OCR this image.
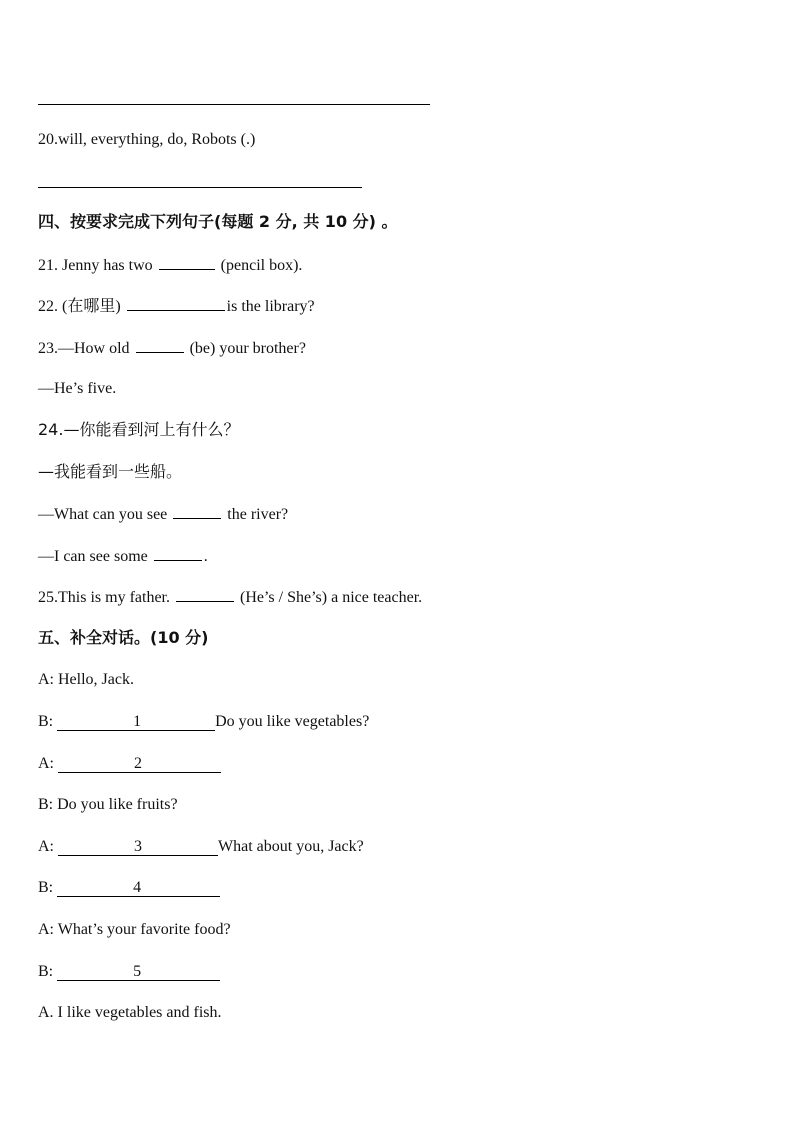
20.will, everything, do, Robots (.)
四、按要求完成下列句子(每题 2 分, 共 10 分) 。
21. Jenny has two	(pencil box).
22. (在哪里)	is the library?
23.—How old	(be) your brother?
—He’s five.
24.—你能看到河上有什么？
—我能看到一些船。
—What can you see	the river?
—I can see some	.
25.This is my father.	(He’s / She’s) a nice teacher.
五、补全对话。(10 分)
A: Hello, Jack.
B:	1	Do you like vegetables?
A:	2
B: Do you like fruits?
A:	3	What about you, Jack?
B:	4
A: What’s your favorite food?
B:	5
A. I like vegetables and fish.
